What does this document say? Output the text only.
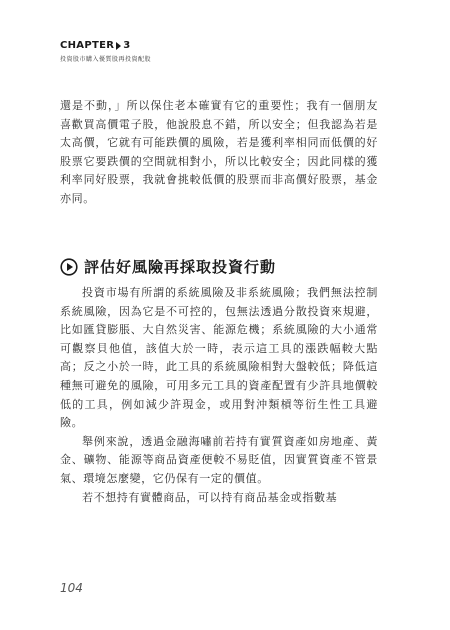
CHAPTER 3
投資股市購入優質股再投資配股

還是不動，」所以保住老本確實有它的重要性；我有一個朋友喜歡買高價電子股，他說股息不錯，所以安全；但我認為若是太高價，它就有可能跌價的風險，若是獲利率相同而低價的好股票它要跌價的空間就相對小，所以比較安全；因此同樣的獲利率同好股票，我就會挑較低價的股票而非高價好股票，基金亦同。

評估好風險再採取投資行動

投資市場有所謂的系統風險及非系統風險；我們無法控制系統風險，因為它是不可控的，包無法透過分散投資來規避，比如匯貸膨脹、大自然災害、能源危機；系統風險的大小通常可觀察貝他值，該值大於一時，表示這工具的漲跌幅較大點高；反之小於一時，此工具的系統風險相對大盤較低；降低這種無可避免的風險，可用多元工具的資產配置有少許具地價較低的工具，例如減少許現金，或用對沖類槓等衍生性工具避險。

舉例來說，透過金融海嘯前若持有實質資產如房地產、黃金、礦物、能源等商品資產便較不易貶值，因實質資產不管景氣、環境怎麼變，它仍保有一定的價值。

若不想持有實體商品，可以持有商品基金或指數基

104
